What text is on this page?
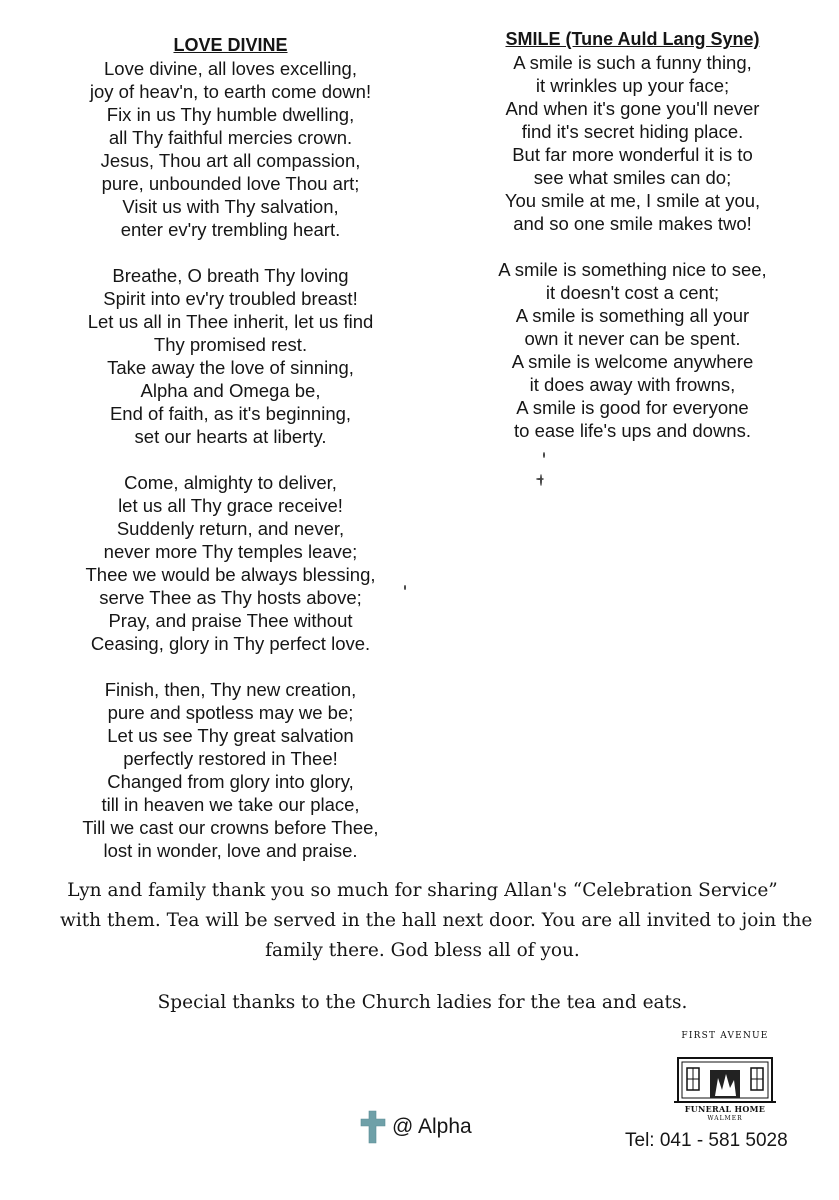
LOVE DIVINE
Love divine, all loves excelling,
joy of heav'n, to earth come down!
Fix in us Thy humble dwelling,
all Thy faithful mercies crown.
Jesus, Thou art all compassion,
pure, unbounded love Thou art;
Visit us with Thy salvation,
enter ev'ry trembling heart.
Breathe, O breath Thy loving
Spirit into ev'ry troubled breast!
Let us all in Thee inherit, let us find
Thy promised rest.
Take away the love of sinning,
Alpha and Omega be,
End of faith, as it's beginning,
set our hearts at liberty.
Come, almighty to deliver,
let us all Thy grace receive!
Suddenly return, and never,
never more Thy temples leave;
Thee we would be always blessing,
serve Thee as Thy hosts above;
Pray, and praise Thee without
Ceasing, glory in Thy perfect love.
Finish, then, Thy new creation,
pure and spotless may we be;
Let us see Thy great salvation
perfectly restored in Thee!
Changed from glory into glory,
till in heaven we take our place,
Till we cast our crowns before Thee,
lost in wonder, love and praise.
SMILE (Tune Auld Lang Syne)
A smile is such a funny thing,
it wrinkles up your face;
And when it's gone you'll never
find it's secret hiding place.
But far more wonderful it is to
see what smiles can do;
You smile at me, I smile at you,
and so one smile makes two!
A smile is something nice to see,
it doesn't cost a cent;
A smile is something all your
own it never can be spent.
A smile is welcome anywhere
it does away with frowns,
A smile is good for everyone
to ease life's ups and downs.
Lyn and family thank you so much for sharing Allan's “Celebration Service”
with them. Tea will be served in the hall next door. You are all invited to join the
family there. God bless all of you.
Special thanks to the Church ladies for the tea and eats.
@ Alpha
FIRST AVENUE
FUNERAL HOME
WALMER
Tel: 041 - 581 5028
